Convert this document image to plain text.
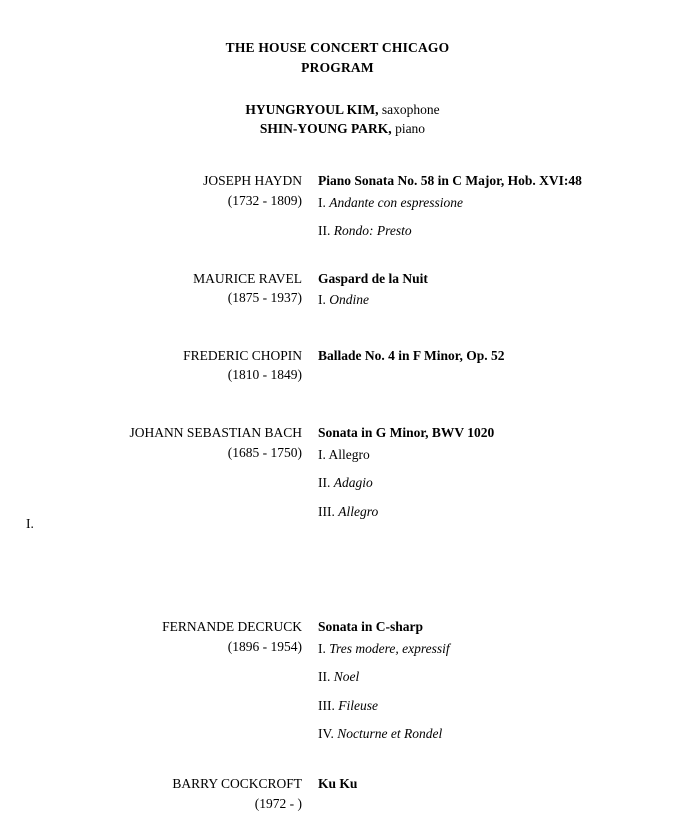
THE HOUSE CONCERT CHICAGO
PROGRAM
HYUNGRYOUL KIM, saxophone
SHIN-YOUNG PARK, piano
JOSEPH HAYDN
(1732 - 1809)
Piano Sonata No. 58 in C Major, Hob. XVI:48
I. Andante con espressione
II. Rondo: Presto
MAURICE RAVEL
(1875 - 1937)
Gaspard de la Nuit
I. Ondine
FREDERIC CHOPIN
(1810 - 1849)
Ballade No. 4 in F Minor, Op. 52
JOHANN SEBASTIAN BACH
(1685 - 1750)
Sonata in G Minor, BWV 1020
I. Allegro
II. Adagio
III. Allegro
FERNANDE DECRUCK
(1896 - 1954)
Sonata in C-sharp
I. Tres modere, expressif
II. Noel
III. Fileuse
IV. Nocturne et Rondel
BARRY COCKCROFT
(1972 - )
Ku Ku
I.
